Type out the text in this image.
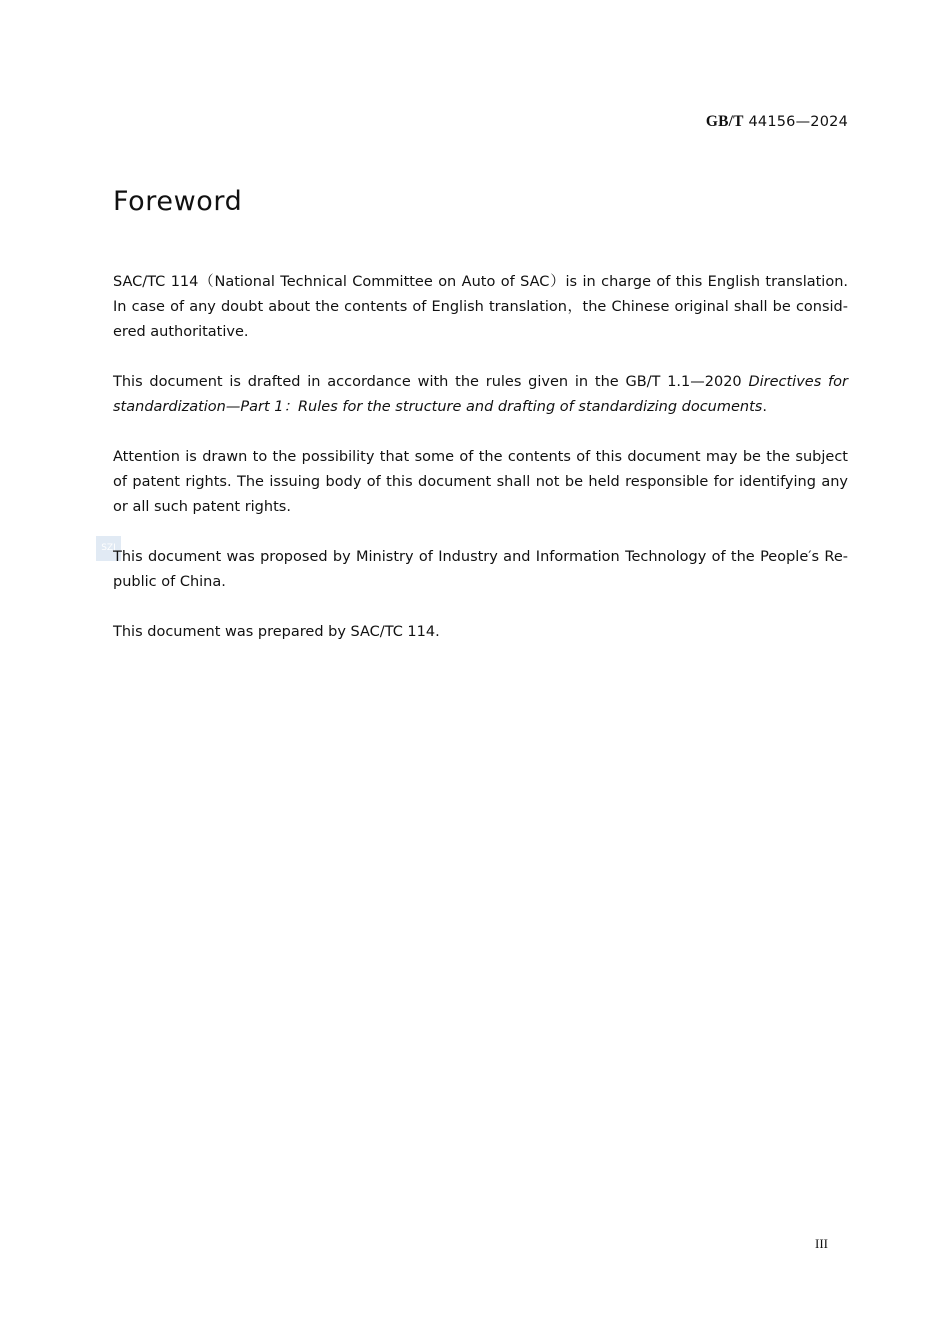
GB/T 44156—2024
Foreword
SZJ

SAC/TC 114（National Technical Committee on Auto of SAC）is in charge of this English translation. In case of any doubt about the contents of English translation，the Chinese original shall be considered authoritative.

This document is drafted in accordance with the rules given in the GB/T 1.1—2020 Directives for standardization—Part 1：Rules for the structure and drafting of standardizing documents.

Attention is drawn to the possibility that some of the contents of this document may be the subject of patent rights. The issuing body of this document shall not be held responsible for identifying any or all such patent rights.

This document was proposed by Ministry of Industry and Information Technology of the People′s Republic of China.

This document was prepared by SAC/TC 114.

III
